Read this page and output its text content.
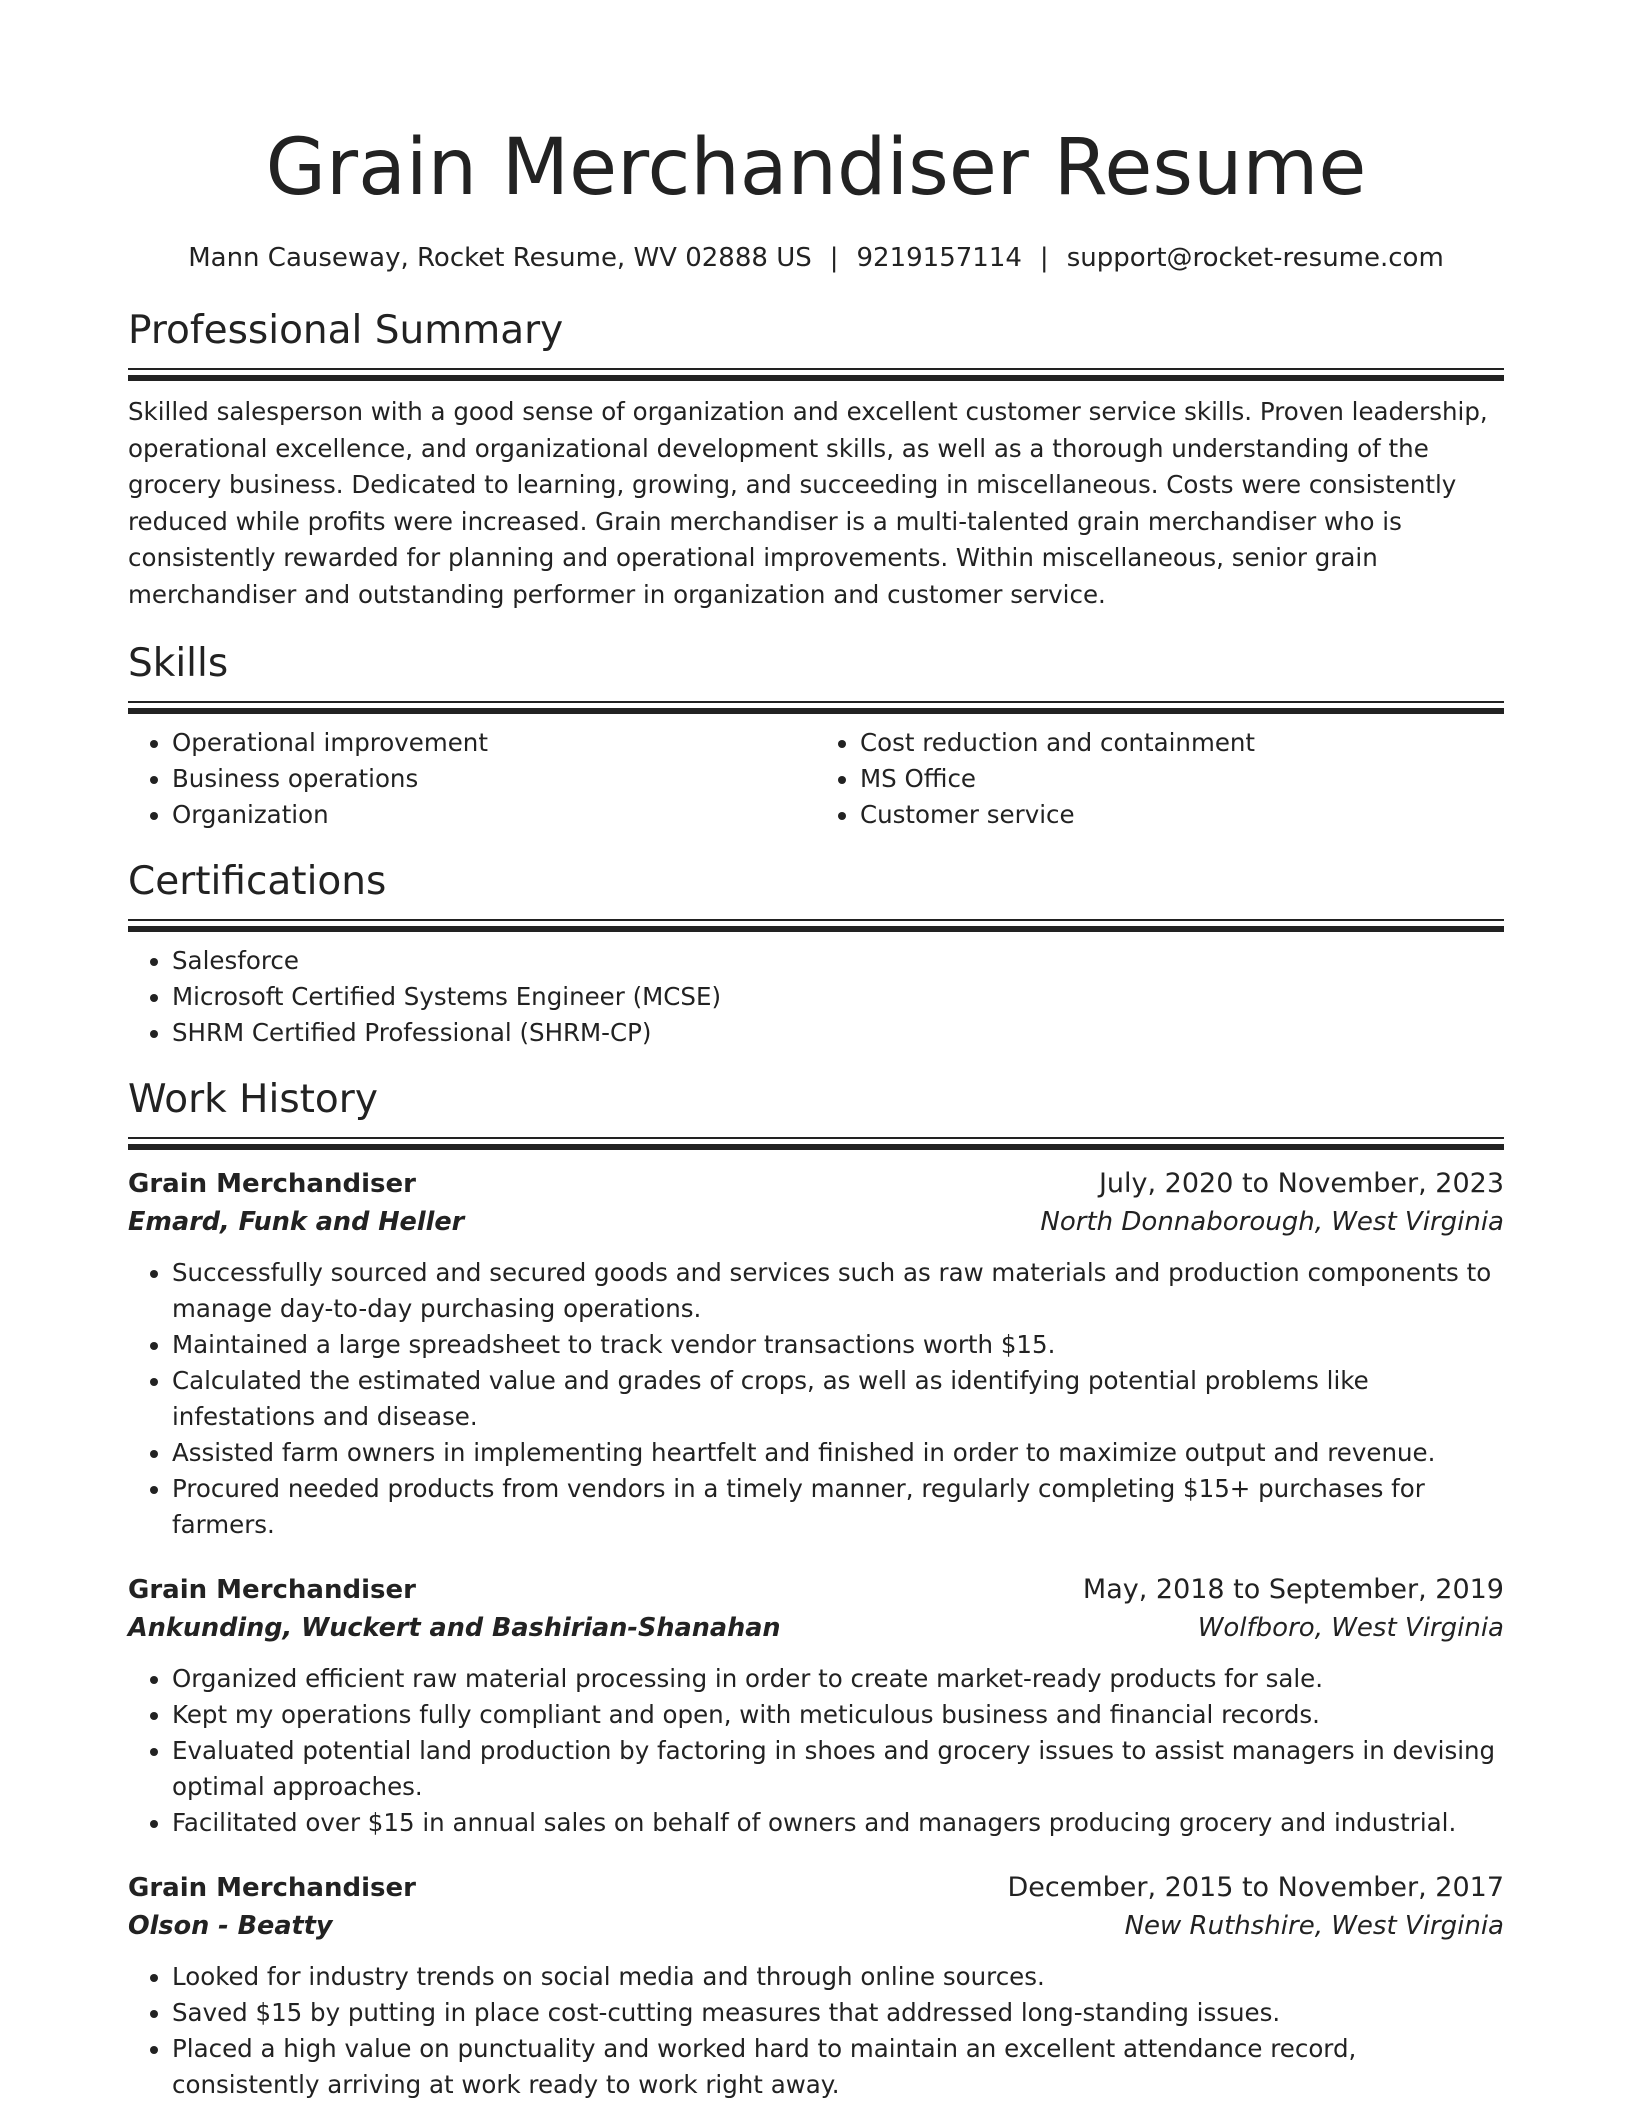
Grain Merchandiser Resume
Mann Causeway, Rocket Resume, WV 02888 US | 9219157114 | support@rocket-resume.com
Professional Summary
Skilled salesperson with a good sense of organization and excellent customer service skills. Proven leadership, operational excellence, and organizational development skills, as well as a thorough understanding of the grocery business. Dedicated to learning, growing, and succeeding in miscellaneous. Costs were consistently reduced while profits were increased. Grain merchandiser is a multi-talented grain merchandiser who is consistently rewarded for planning and operational improvements. Within miscellaneous, senior grain merchandiser and outstanding performer in organization and customer service.
Skills
• Operational improvement
• Business operations
• Organization
• Cost reduction and containment
• MS Office
• Customer service
Certifications
• Salesforce
• Microsoft Certified Systems Engineer (MCSE)
• SHRM Certified Professional (SHRM-CP)
Work History
Grain Merchandiser	July, 2020 to November, 2023
Emard, Funk and Heller	North Donnaborough, West Virginia
• Successfully sourced and secured goods and services such as raw materials and production components to manage day-to-day purchasing operations.
• Maintained a large spreadsheet to track vendor transactions worth $15.
• Calculated the estimated value and grades of crops, as well as identifying potential problems like infestations and disease.
• Assisted farm owners in implementing heartfelt and finished in order to maximize output and revenue.
• Procured needed products from vendors in a timely manner, regularly completing $15+ purchases for farmers.
Grain Merchandiser	May, 2018 to September, 2019
Ankunding, Wuckert and Bashirian-Shanahan	Wolfboro, West Virginia
• Organized efficient raw material processing in order to create market-ready products for sale.
• Kept my operations fully compliant and open, with meticulous business and financial records.
• Evaluated potential land production by factoring in shoes and grocery issues to assist managers in devising optimal approaches.
• Facilitated over $15 in annual sales on behalf of owners and managers producing grocery and industrial.
Grain Merchandiser	December, 2015 to November, 2017
Olson - Beatty	New Ruthshire, West Virginia
• Looked for industry trends on social media and through online sources.
• Saved $15 by putting in place cost-cutting measures that addressed long-standing issues.
• Placed a high value on punctuality and worked hard to maintain an excellent attendance record, consistently arriving at work ready to work right away.
